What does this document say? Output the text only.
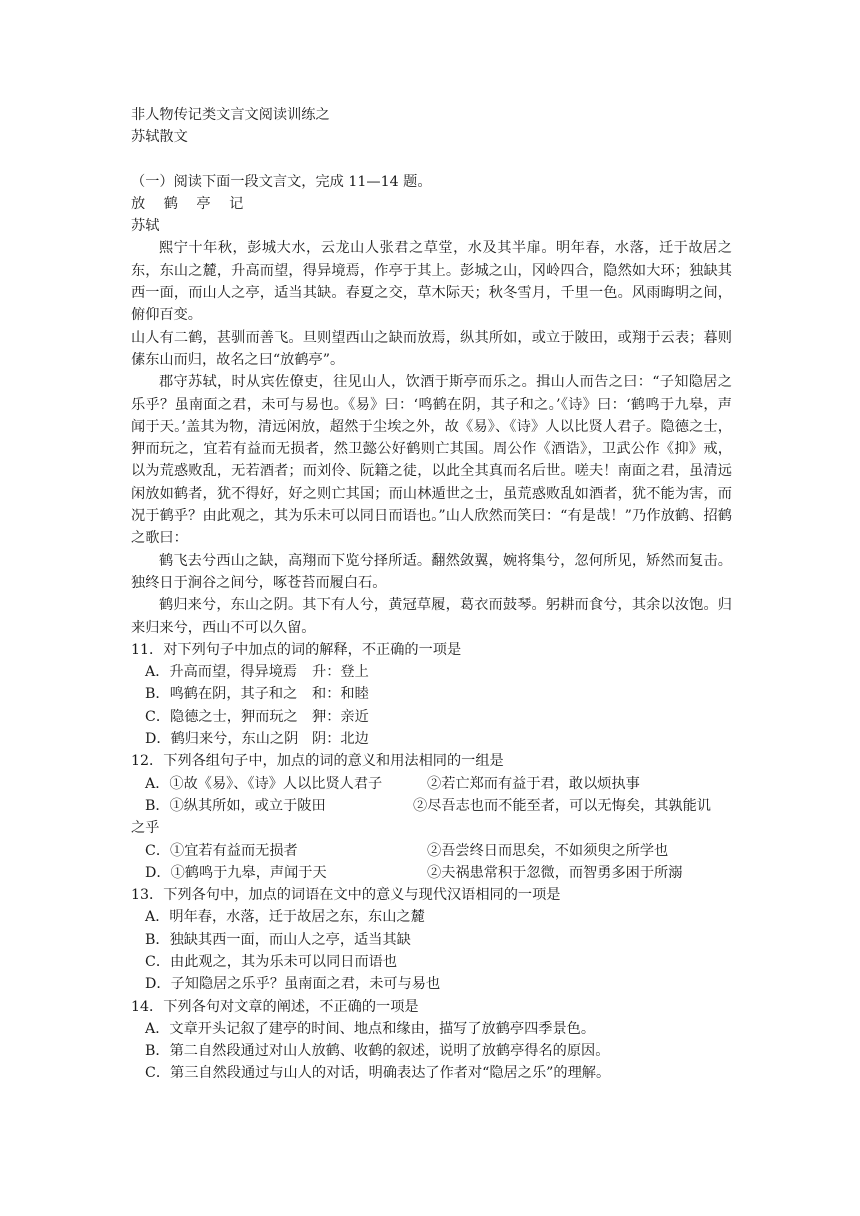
非人物传记类文言文阅读训练之
苏轼散文
（一）阅读下面一段文言文，完成 11—14 题。
放 鹤 亭 记
苏轼

熙宁十年秋，彭城大水，云龙山人张君之草堂，水及其半扉。明年春，水落，迁于故居之东，东山之麓，升高而望，得异境焉，作亭于其上。彭城之山，冈岭四合，隐然如大环；独缺其西一面，而山人之亭，适当其缺。春夏之交，草木际天；秋冬雪月，千里一色。风雨晦明之间，俯仰百变。

山人有二鹤，甚驯而善飞。旦则望西山之缺而放焉，纵其所如，或立于陂田，或翔于云表；暮则傃东山而归，故名之曰“放鹤亭”。

郡守苏轼，时从宾佐僚吏，往见山人，饮酒于斯亭而乐之。揖山人而告之曰：“子知隐居之乐乎？虽南面之君，未可与易也。《易》曰：‘鸣鹤在阴，其子和之。’《诗》曰：‘鹤鸣于九皋，声闻于天。’盖其为物，清远闲放，超然于尘埃之外，故《易》、《诗》人以比贤人君子。隐德之士，狎而玩之，宜若有益而无损者，然卫懿公好鹤则亡其国。周公作《酒诰》，卫武公作《抑》戒，以为荒惑败乱，无若酒者；而刘伶、阮籍之徒，以此全其真而名后世。嗟夫！南面之君，虽清远闲放如鹤者，犹不得好，好之则亡其国；而山林遁世之士，虽荒惑败乱如酒者，犹不能为害，而况于鹤乎？由此观之，其为乐未可以同日而语也。”山人欣然而笑曰：“有是哉！”乃作放鹤、招鹤之歌曰：

鹤飞去兮西山之缺，高翔而下览兮择所适。翻然敛翼，婉将集兮，忽何所见，矫然而复击。独终日于涧谷之间兮，啄苍苔而履白石。

鹤归来兮，东山之阴。其下有人兮，黄冠草履，葛衣而鼓琴。躬耕而食兮，其余以汝饱。归来归来兮，西山不可以久留。

11．对下列句子中加点的词的解释，不正确的一项是
A．升高而望，得异境焉 升：登上
B．鸣鹤在阴，其子和之 和：和睦
C．隐德之士，狎而玩之 狎：亲近
D．鹤归来兮，东山之阴 阴：北边
12．下列各组句子中，加点的词的意义和用法相同的一组是
A．①故《易》、《诗》人以比贤人君子	②若亡郑而有益于君，敢以烦执事
B．①纵其所如，或立于陂田	②尽吾志也而不能至者，可以无悔矣，其孰能讥
之乎
C．①宜若有益而无损者	②吾尝终日而思矣，不如须臾之所学也
D．①鹤鸣于九皋，声闻于天	②夫祸患常积于忽微，而智勇多困于所溺
13．下列各句中，加点的词语在文中的意义与现代汉语相同的一项是
A．明年春，水落，迁于故居之东，东山之麓
B．独缺其西一面，而山人之亭，适当其缺
C．由此观之，其为乐未可以同日而语也
D．子知隐居之乐乎？虽南面之君，未可与易也
14．下列各句对文章的阐述，不正确的一项是
A．文章开头记叙了建亭的时间、地点和缘由，描写了放鹤亭四季景色。
B．第二自然段通过对山人放鹤、收鹤的叙述，说明了放鹤亭得名的原因。
C．第三自然段通过与山人的对话，明确表达了作者对“隐居之乐”的理解。
